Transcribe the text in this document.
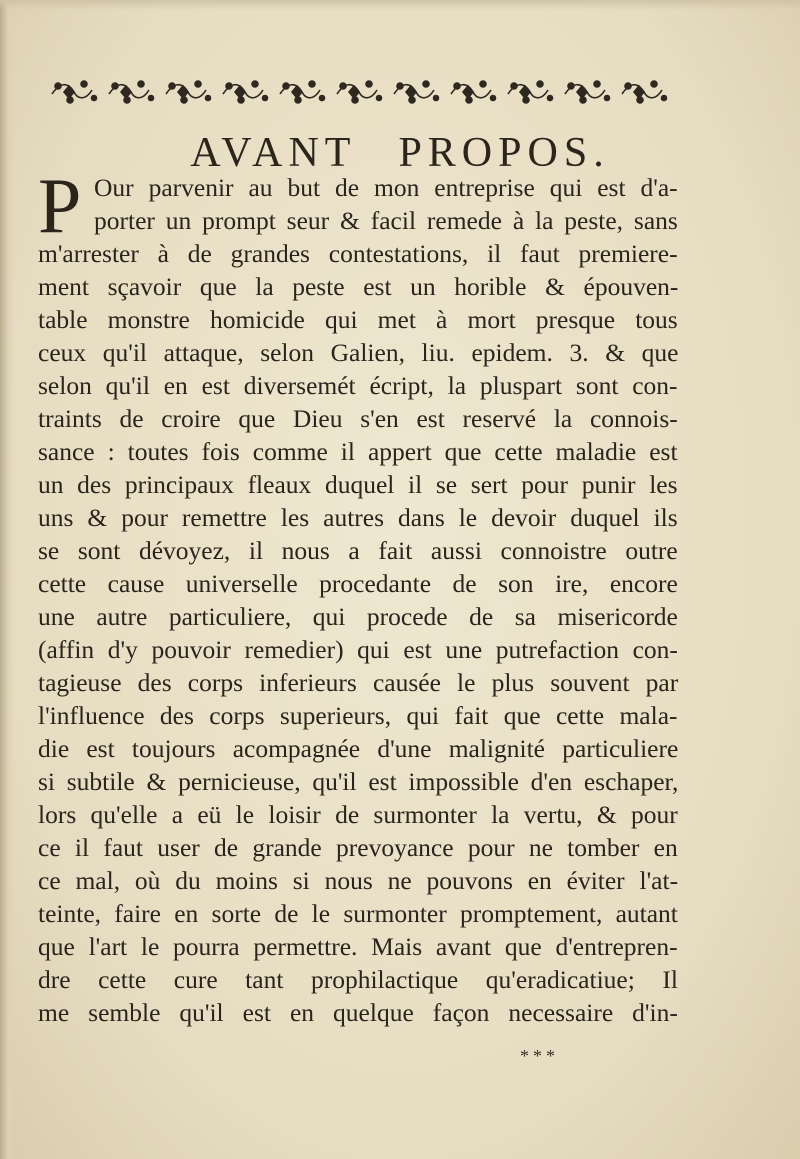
AVANT PROPOS.
P Our parvenir au but de mon entreprise qui est d'a-
porter un prompt seur & facil remede à la peste, sans
m'arrester à de grandes contestations, il faut premiere-
ment sçavoir que la peste est un horible & épouven-
table monstre homicide qui met à mort presque tous
ceux qu'il attaque, selon Galien, liu. epidem. 3. & que
selon qu'il en est diversemét écript, la pluspart sont con-
traints de croire que Dieu s'en est reservé la connois-
sance : toutes fois comme il appert que cette maladie est
un des principaux fleaux duquel il se sert pour punir les
uns & pour remettre les autres dans le devoir duquel ils
se sont dévoyez, il nous a fait aussi connoistre outre
cette cause universelle procedante de son ire, encore
une autre particuliere, qui procede de sa misericorde
(affin d'y pouvoir remedier) qui est une putrefaction con-
tagieuse des corps inferieurs causée le plus souvent par
l'influence des corps superieurs, qui fait que cette mala-
die est toujours acompagnée d'une malignité particuliere
si subtile & pernicieuse, qu'il est impossible d'en eschaper,
lors qu'elle a eü le loisir de surmonter la vertu, & pour
ce il faut user de grande prevoyance pour ne tomber en
ce mal, où du moins si nous ne pouvons en éviter l'at-
teinte, faire en sorte de le surmonter promptement, autant
que l'art le pourra permettre. Mais avant que d'entrepren-
dre cette cure tant prophilactique qu'eradicatiue; Il
me semble qu'il est en quelque façon necessaire d'in-
***
